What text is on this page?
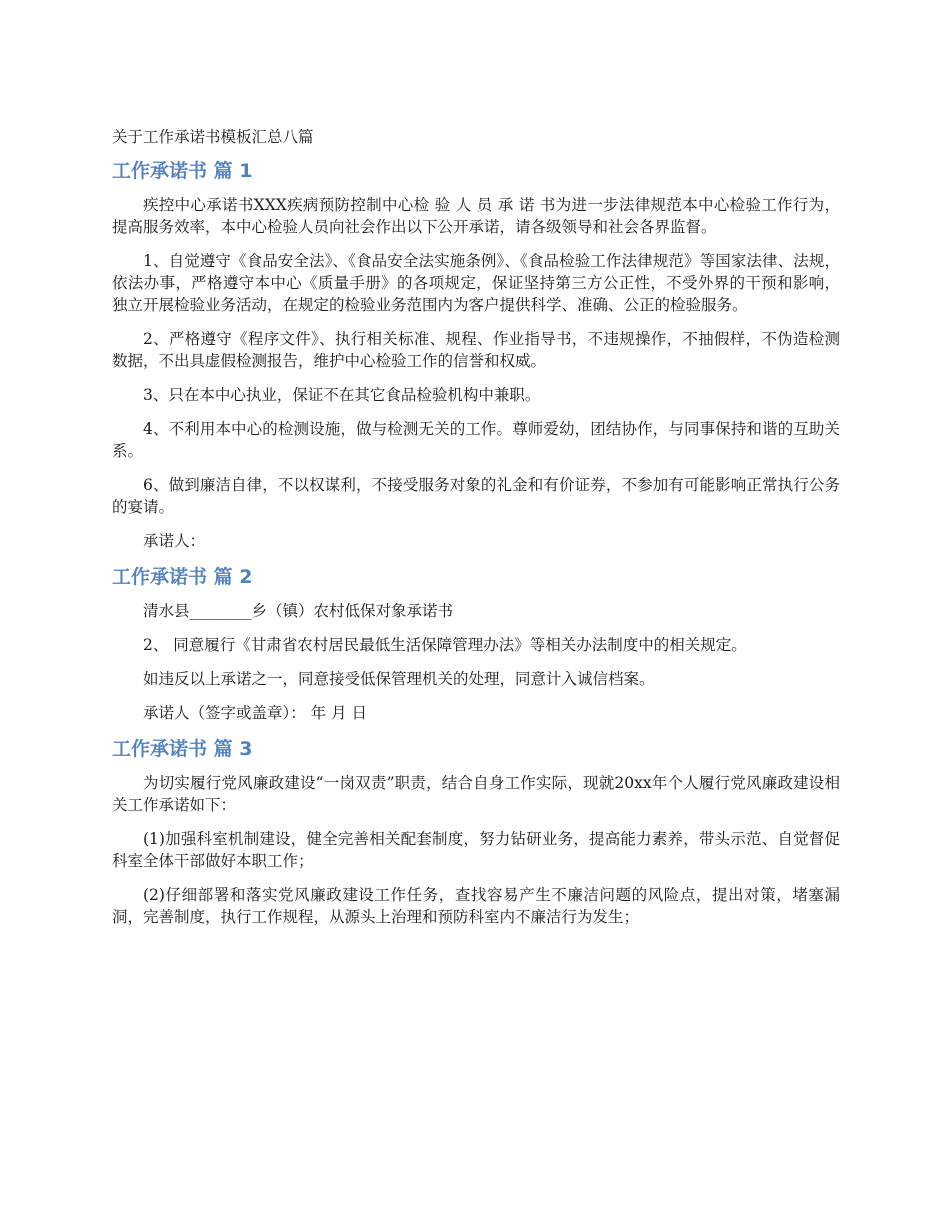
关于工作承诺书模板汇总八篇
工作承诺书 篇 1

疾控中心承诺书XXX疾病预防控制中心检 验 人 员 承 诺 书为进一步法律规范本中心检验工作行为，提高服务效率，本中心检验人员向社会作出以下公开承诺，请各级领导和社会各界监督。

1、自觉遵守《食品安全法》、《食品安全法实施条例》、《食品检验工作法律规范》等国家法律、法规，依法办事，严格遵守本中心《质量手册》的各项规定，保证坚持第三方公正性，不受外界的干预和影响，独立开展检验业务活动，在规定的检验业务范围内为客户提供科学、准确、公正的检验服务。

2、严格遵守《程序文件》、执行相关标准、规程、作业指导书，不违规操作，不抽假样，不伪造检测数据，不出具虚假检测报告，维护中心检验工作的信誉和权威。

3、只在本中心执业，保证不在其它食品检验机构中兼职。

4、不利用本中心的检测设施，做与检测无关的工作。尊师爱幼，团结协作，与同事保持和谐的互助关系。

6、做到廉洁自律，不以权谋利，不接受服务对象的礼金和有价证券，不参加有可能影响正常执行公务的宴请。

承诺人：

工作承诺书 篇 2

清水县________乡（镇）农村低保对象承诺书

2、 同意履行《甘肃省农村居民最低生活保障管理办法》等相关办法制度中的相关规定。

如违反以上承诺之一，同意接受低保管理机关的处理，同意计入诚信档案。

承诺人（签字或盖章）： 年 月 日

工作承诺书 篇 3

为切实履行党风廉政建设“一岗双责”职责，结合自身工作实际，现就20xx年个人履行党风廉政建设相关工作承诺如下：

(1)加强科室机制建设，健全完善相关配套制度，努力钻研业务，提高能力素养，带头示范、自觉督促科室全体干部做好本职工作；

(2)仔细部署和落实党风廉政建设工作任务，查找容易产生不廉洁问题的风险点，提出对策，堵塞漏洞，完善制度，执行工作规程，从源头上治理和预防科室内不廉洁行为发生；
